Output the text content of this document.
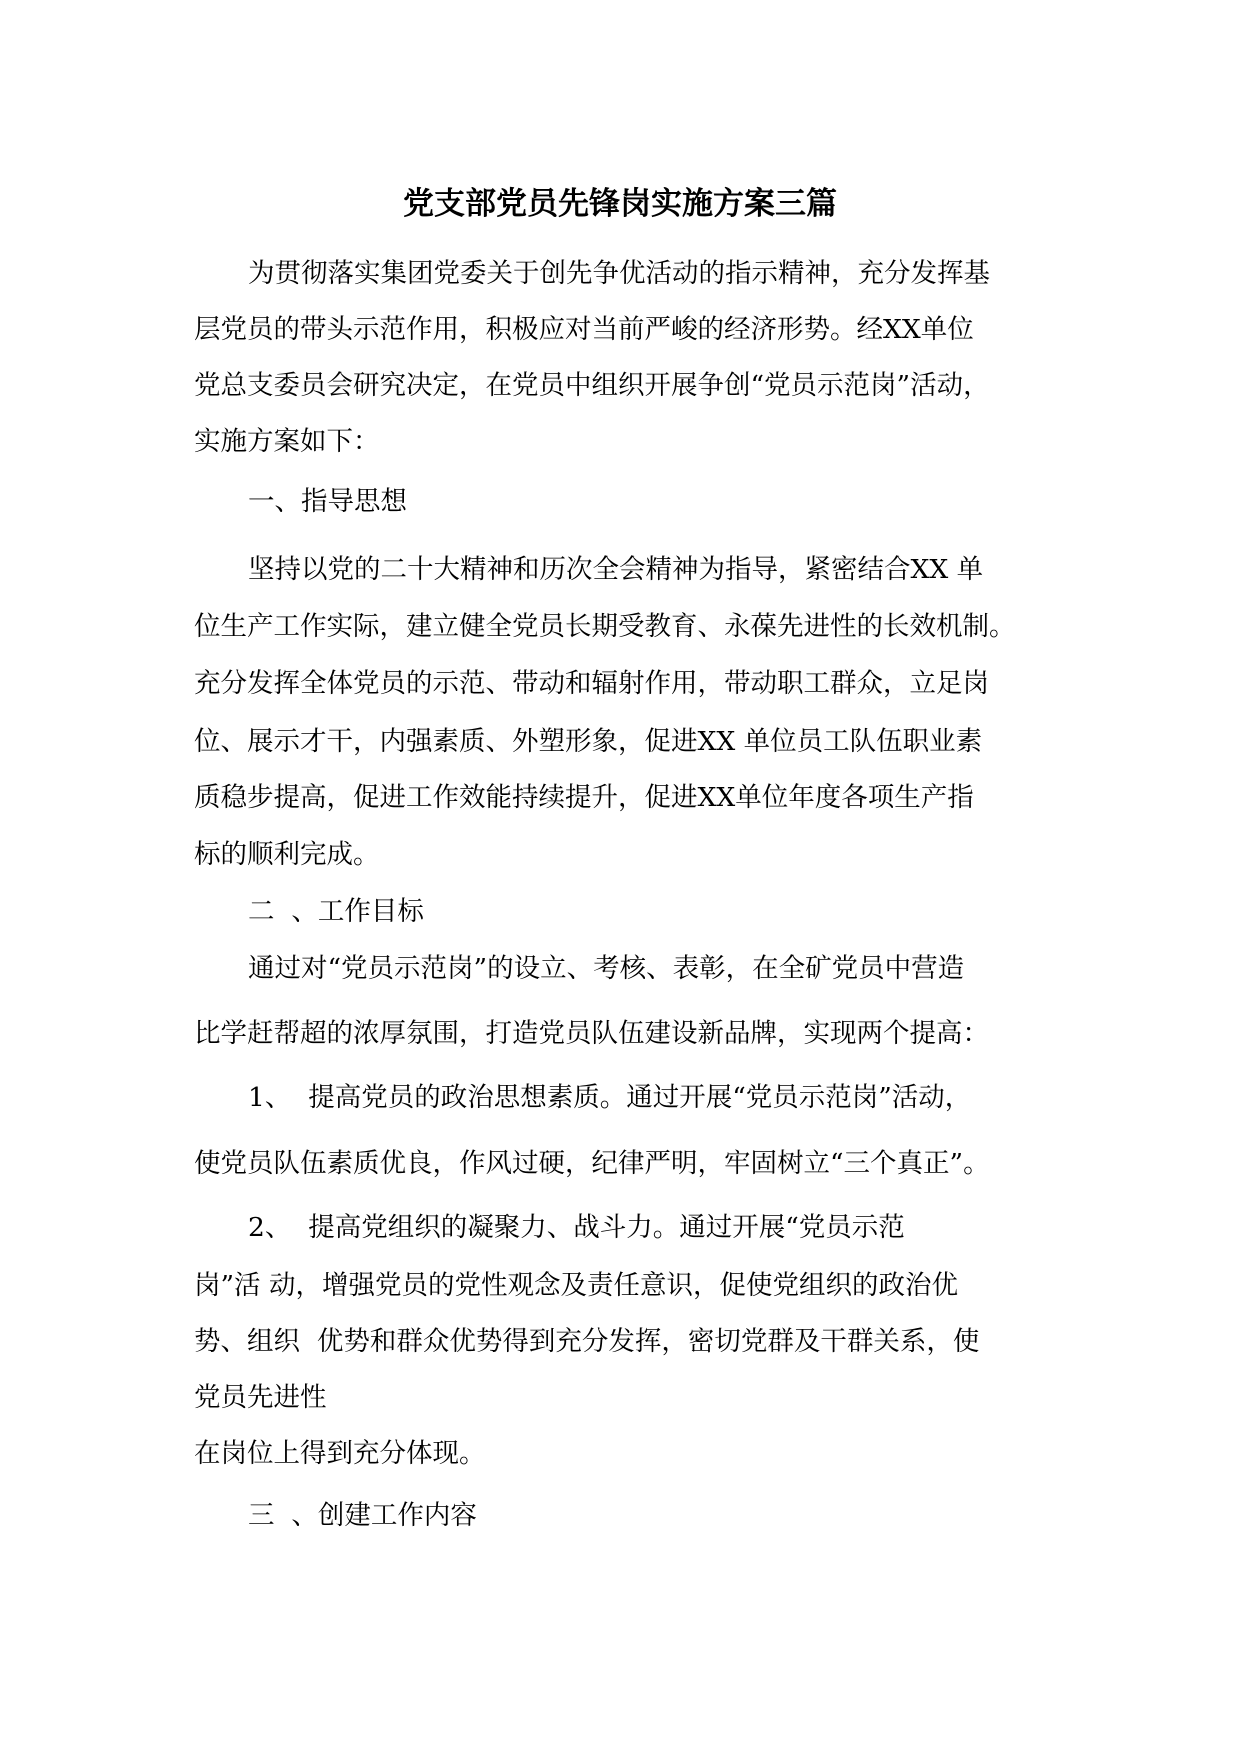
党支部党员先锋岗实施方案三篇

为贯彻落实集团党委关于创先争优活动的指示精神，充分发挥基

层党员的带头示范作用，积极应对当前严峻的经济形势。经XX单位

党总支委员会研究决定，在党员中组织开展争创“党员示范岗”活动，

实施方案如下：

一、指导思想

坚持以党的二十大精神和历次全会精神为指导，紧密结合XX 单

位生产工作实际，建立健全党员长期受教育、永葆先进性的长效机制。

充分发挥全体党员的示范、带动和辐射作用，带动职工群众，立足岗

位、展示才干，内强素质、外塑形象，促进XX 单位员工队伍职业素

质稳步提高，促进工作效能持续提升，促进XX单位年度各项生产指

标的顺利完成。

二  、工作目标

通过对“党员示范岗”的设立、考核、表彰，在全矿党员中营造

比学赶帮超的浓厚氛围，打造党员队伍建设新品牌，实现两个提高：

1、  提高党员的政治思想素质。通过开展“党员示范岗”活动，

使党员队伍素质优良，作风过硬，纪律严明，牢固树立“三个真正”。

2、  提高党组织的凝聚力、战斗力。通过开展“党员示范

岗”活 动，增强党员的党性观念及责任意识，促使党组织的政治优

势、组织  优势和群众优势得到充分发挥，密切党群及干群关系，使

党员先进性

在岗位上得到充分体现。

三  、创建工作内容
